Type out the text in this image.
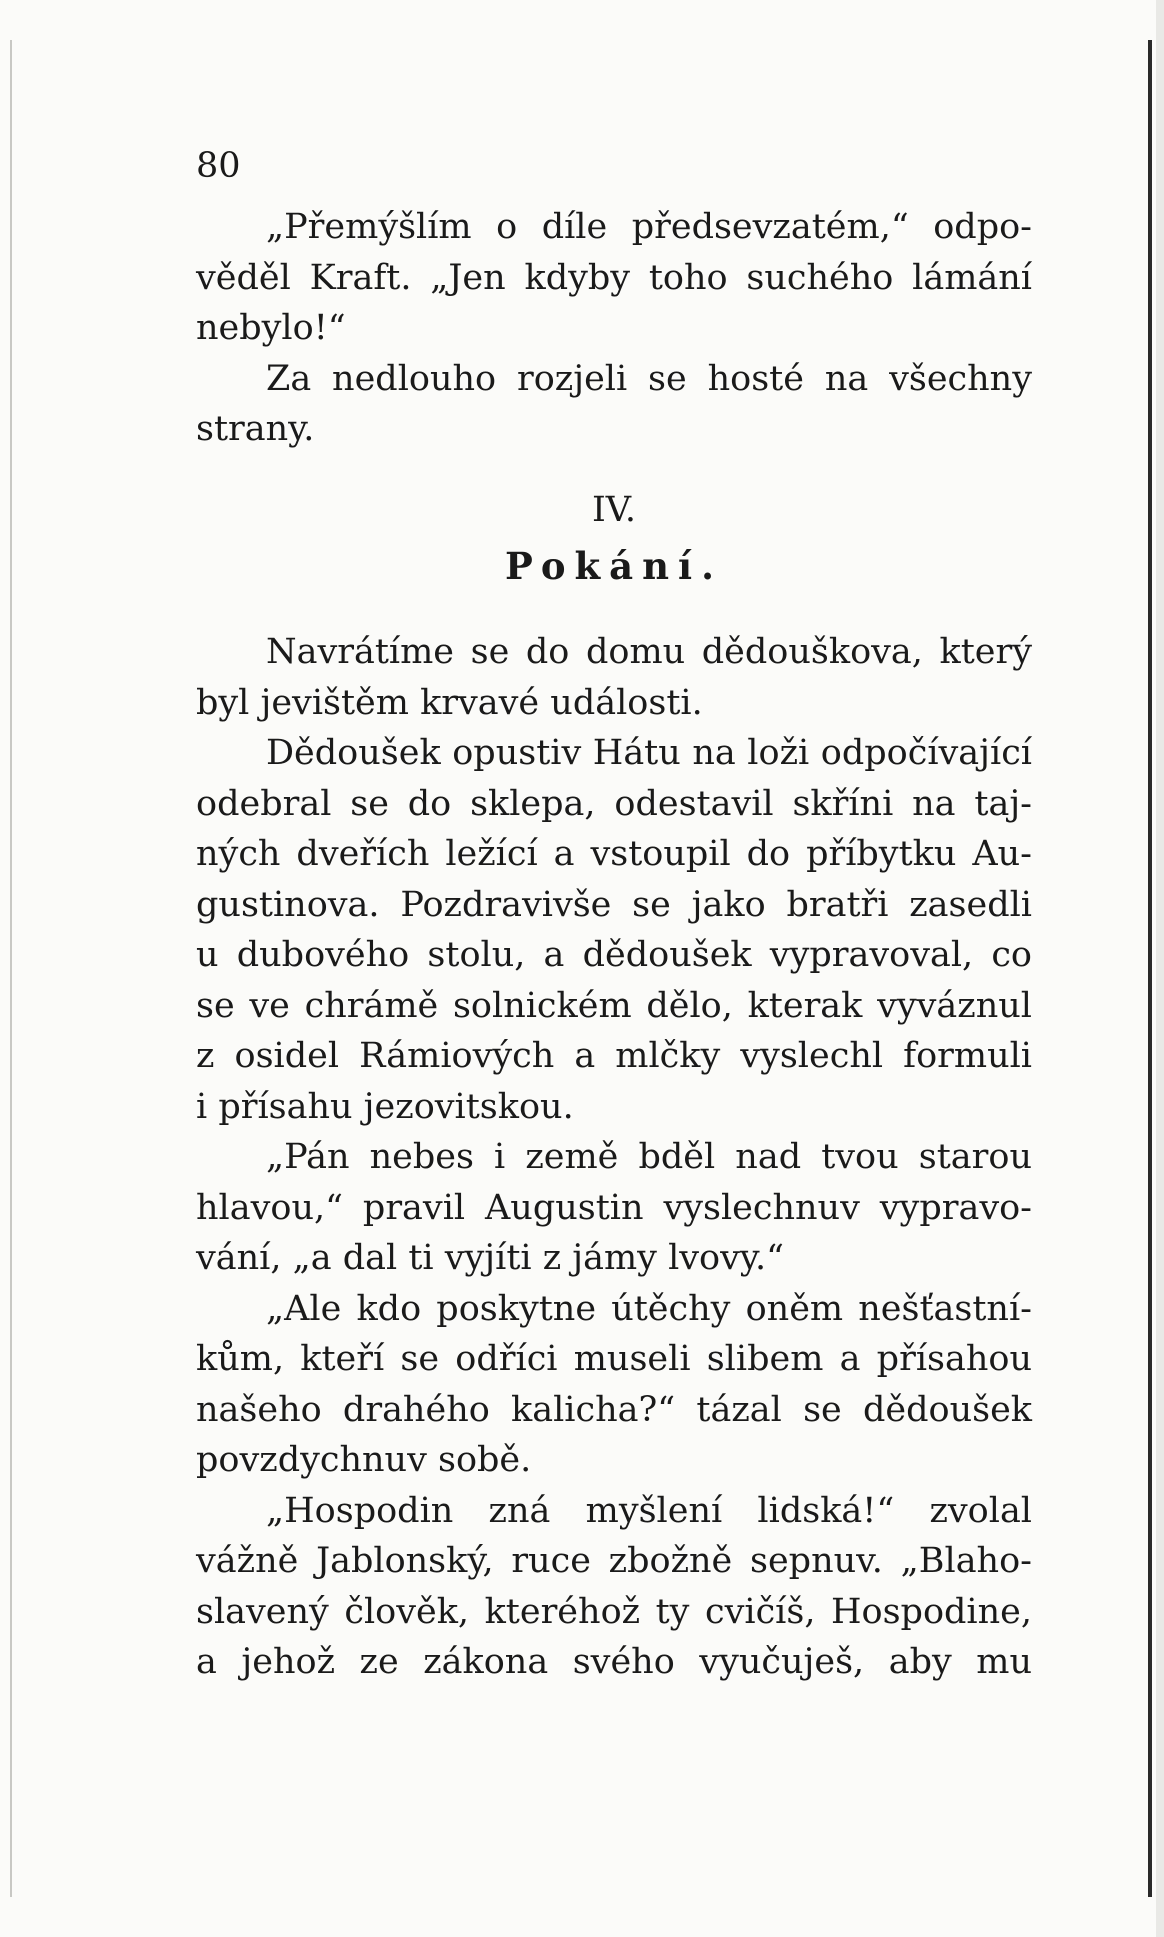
80

„Přemýšlím o díle předsevzatém,“ odpo-
věděl Kraft. „Jen kdyby toho suchého lámání
nebylo!“
Za nedlouho rozjeli se hosté na všechny
strany.
IV.
Pokání.
Navrátíme se do domu dědouškova, který
byl jevištěm krvavé události.
Dědoušek opustiv Hátu na loži odpočívající
odebral se do sklepa, odestavil skříni na taj-
ných dveřích ležící a vstoupil do příbytku Au-
gustinova. Pozdravivše se jako bratři zasedli
u dubového stolu, a dědoušek vypravoval, co
se ve chrámě solnickém dělo, kterak vyváznul
z osidel Rámiových a mlčky vyslechl formuli
i přísahu jezovitskou.
„Pán nebes i země bděl nad tvou starou
hlavou,“ pravil Augustin vyslechnuv vypravo-
vání, „a dal ti vyjíti z jámy lvovy.“
„Ale kdo poskytne útěchy oněm nešťastní-
kům, kteří se odříci museli slibem a přísahou
našeho drahého kalicha?“ tázal se dědoušek
povzdychnuv sobě.
„Hospodin zná myšlení lidská!“ zvolal
vážně Jablonský, ruce zbožně sepnuv. „Blaho-
slavený člověk, kteréhož ty cvičíš, Hospodine,
a jehož ze zákona svého vyučuješ, aby mu
